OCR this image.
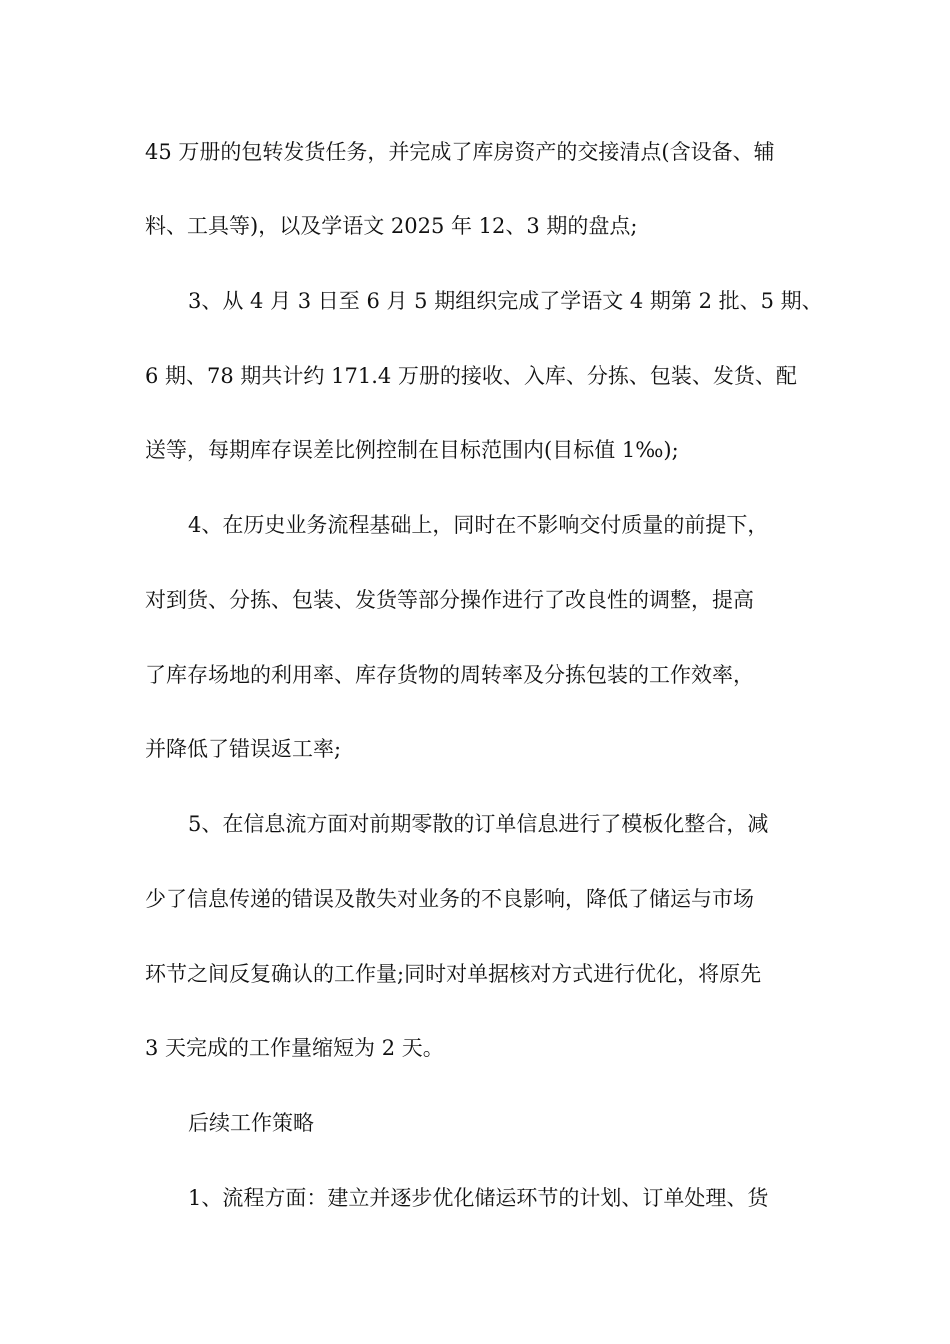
45 万册的包转发货任务，并完成了库房资产的交接清点(含设备、辅
料、工具等)，以及学语文 2025 年 12、3 期的盘点;
3、从 4 月 3 日至 6 月 5 期组织完成了学语文 4 期第 2 批、5 期、
6 期、78 期共计约 171.4 万册的接收、入库、分拣、包装、发货、配
送等，每期库存误差比例控制在目标范围内(目标值 1‰);
4、在历史业务流程基础上，同时在不影响交付质量的前提下，
对到货、分拣、包装、发货等部分操作进行了改良性的调整，提高
了库存场地的利用率、库存货物的周转率及分拣包装的工作效率，
并降低了错误返工率;
5、在信息流方面对前期零散的订单信息进行了模板化整合，减
少了信息传递的错误及散失对业务的不良影响，降低了储运与市场
环节之间反复确认的工作量;同时对单据核对方式进行优化，将原先
3 天完成的工作量缩短为 2 天。
后续工作策略
1、流程方面：建立并逐步优化储运环节的计划、订单处理、货
